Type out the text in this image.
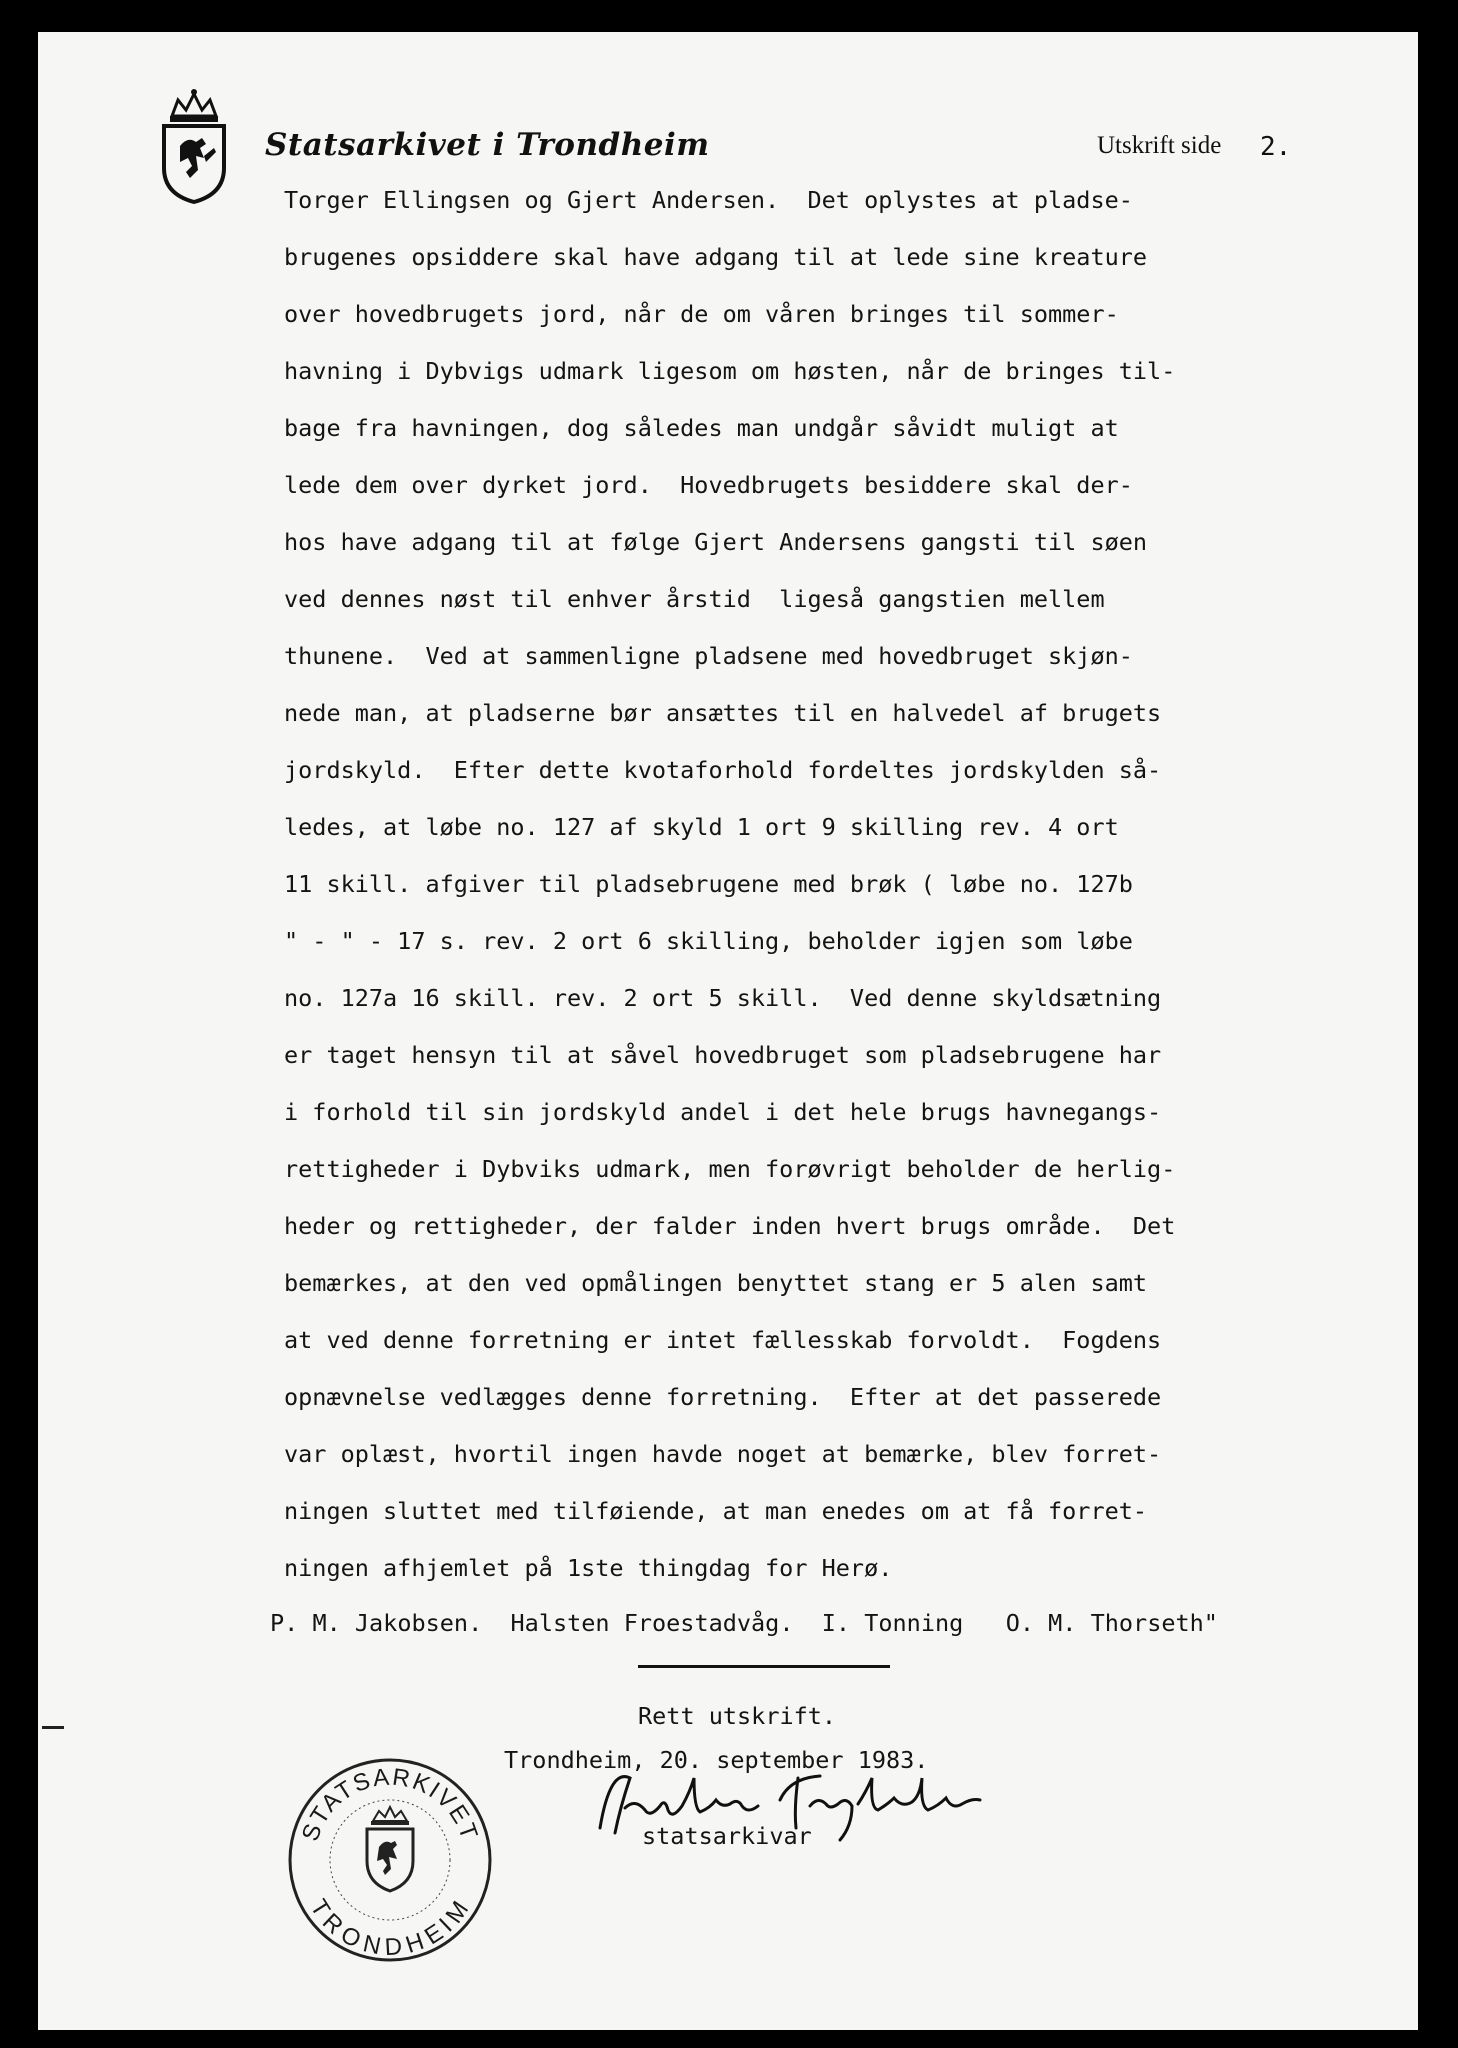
Statsarkivet i Trondheim	Utskrift side 2.
Torger Ellingsen og Gjert Andersen.  Det oplystes at pladse-
brugenes opsiddere skal have adgang til at lede sine kreature
over hovedbrugets jord, når de om våren bringes til sommer-
havning i Dybvigs udmark ligesom om høsten, når de bringes til-
bage fra havningen, dog således man undgår såvidt muligt at
lede dem over dyrket jord.  Hovedbrugets besiddere skal der-
hos have adgang til at følge Gjert Andersens gangsti til søen
ved dennes nøst til enhver årstid  ligeså gangstien mellem
thunene.  Ved at sammenligne pladsene med hovedbruget skjøn-
nede man, at pladserne bør ansættes til en halvedel af brugets
jordskyld.  Efter dette kvotaforhold fordeltes jordskylden så-
ledes, at løbe no. 127 af skyld 1 ort 9 skilling rev. 4 ort
11 skill. afgiver til pladsebrugene med brøk ( løbe no. 127b
" - " - 17 s. rev. 2 ort 6 skilling, beholder igjen som løbe
no. 127a 16 skill. rev. 2 ort 5 skill.  Ved denne skyldsætning
er taget hensyn til at såvel hovedbruget som pladsebrugene har
i forhold til sin jordskyld andel i det hele brugs havnegangs-
rettigheder i Dybviks udmark, men forøvrigt beholder de herlig-
heder og rettigheder, der falder inden hvert brugs område.  Det
bemærkes, at den ved opmålingen benyttet stang er 5 alen samt
at ved denne forretning er intet fællesskab forvoldt.  Fogdens
opnævnelse vedlægges denne forretning.  Efter at det passerede
var oplæst, hvortil ingen havde noget at bemærke, blev forret-
ningen sluttet med tilføiende, at man enedes om at få forret-
ningen afhjemlet på 1ste thingdag for Herø.
P. M. Jakobsen.  Halsten Froestadvåg.  I. Tonning   O. M. Thorseth"
Rett utskrift.
Trondheim, 20. september 1983.
statsarkivar
STATSARKIVET
TRONDHEIM
